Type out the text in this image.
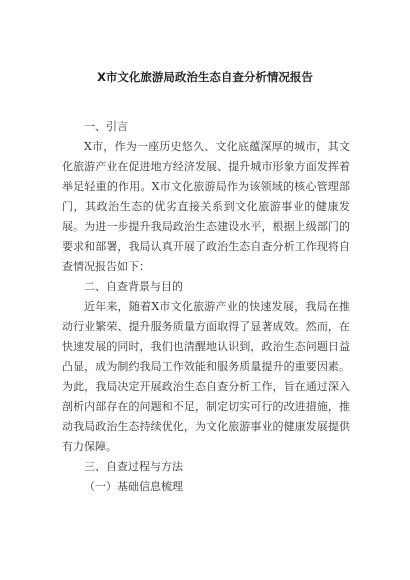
X市文化旅游局政治生态自查分析情况报告
一、引言

X市，作为一座历史悠久、文化底蕴深厚的城市，其文化旅游产业在促进地方经济发展、提升城市形象方面发挥着举足轻重的作用。X市文化旅游局作为该领域的核心管理部门，其政治生态的优劣直接关系到文化旅游事业的健康发展。为进一步提升我局政治生态建设水平，根据上级部门的要求和部署，我局认真开展了政治生态自查分析工作现将自查情况报告如下：

二、自查背景与目的

近年来，随着X市文化旅游产业的快速发展，我局在推动行业繁荣、提升服务质量方面取得了显著成效。然而，在快速发展的同时，我们也清醒地认识到，政治生态问题日益凸显，成为制约我局工作效能和服务质量提升的重要因素。为此，我局决定开展政治生态自查分析工作，旨在通过深入剖析内部存在的问题和不足，制定切实可行的改进措施，推动我局政治生态持续优化，为文化旅游事业的健康发展提供有力保障。

三、自查过程与方法
（一）基础信息梳理
